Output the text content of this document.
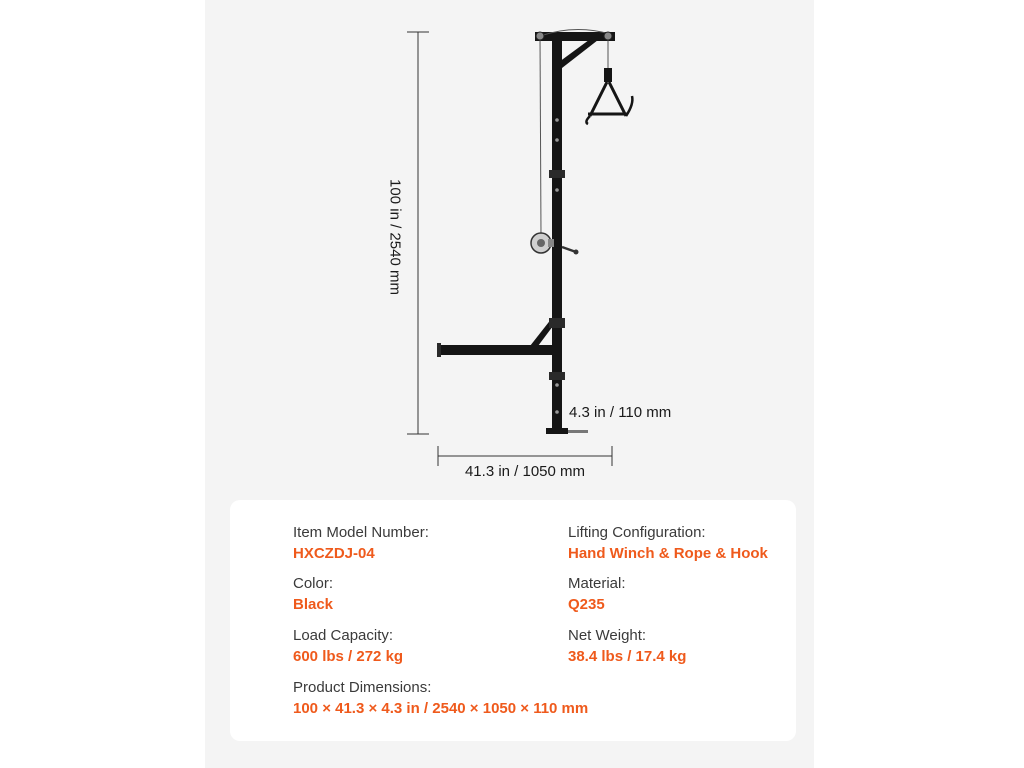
100 in / 2540 mm
4.3 in / 110 mm
41.3 in / 1050 mm
Item Model Number:
HXCZDJ-04
Lifting Configuration:
Hand Winch & Rope & Hook
Color:
Black
Material:
Q235
Load Capacity:
600 lbs / 272 kg
Net Weight:
38.4 lbs / 17.4 kg
Product Dimensions:
100 × 41.3 × 4.3 in / 2540 × 1050 × 110 mm
